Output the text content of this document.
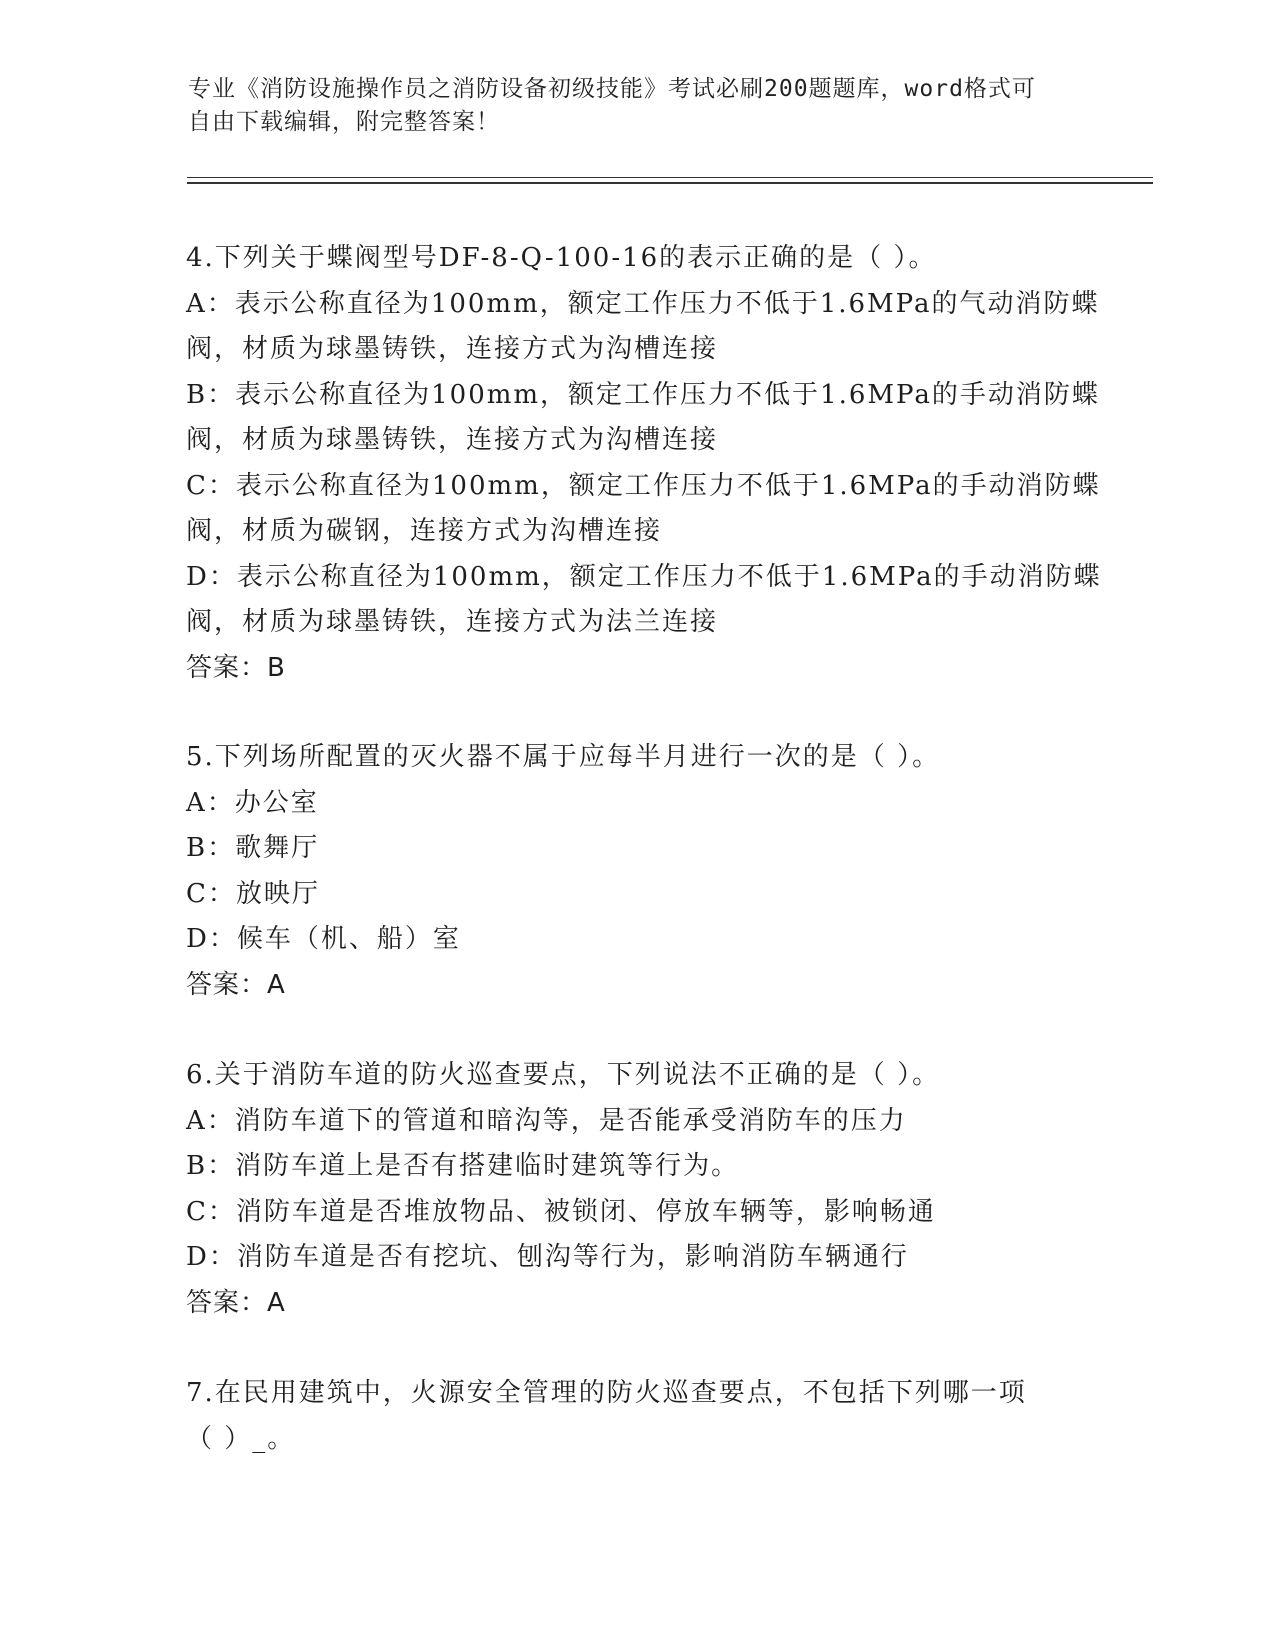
专业《消防设施操作员之消防设备初级技能》考试必刷200题题库，word格式可
自由下载编辑，附完整答案！
4.下列关于蝶阀型号DF-8-Q-100-16的表示正确的是（ ）。
A：表示公称直径为100mm，额定工作压力不低于1.6MPa的气动消防蝶
阀，材质为球墨铸铁，连接方式为沟槽连接
B：表示公称直径为100mm，额定工作压力不低于1.6MPa的手动消防蝶
阀，材质为球墨铸铁，连接方式为沟槽连接
C：表示公称直径为100mm，额定工作压力不低于1.6MPa的手动消防蝶
阀，材质为碳钢，连接方式为沟槽连接
D：表示公称直径为100mm，额定工作压力不低于1.6MPa的手动消防蝶
阀，材质为球墨铸铁，连接方式为法兰连接
答案：B
5.下列场所配置的灭火器不属于应每半月进行一次的是（ ）。
A：办公室
B：歌舞厅
C：放映厅
D：候车（机、船）室
答案：A
6.关于消防车道的防火巡查要点，下列说法不正确的是（ ）。
A：消防车道下的管道和暗沟等，是否能承受消防车的压力
B：消防车道上是否有搭建临时建筑等行为。
C：消防车道是否堆放物品、被锁闭、停放车辆等，影响畅通
D：消防车道是否有挖坑、刨沟等行为，影响消防车辆通行
答案：A
7.在民用建筑中，火源安全管理的防火巡查要点，不包括下列哪一项
（ ）_。
